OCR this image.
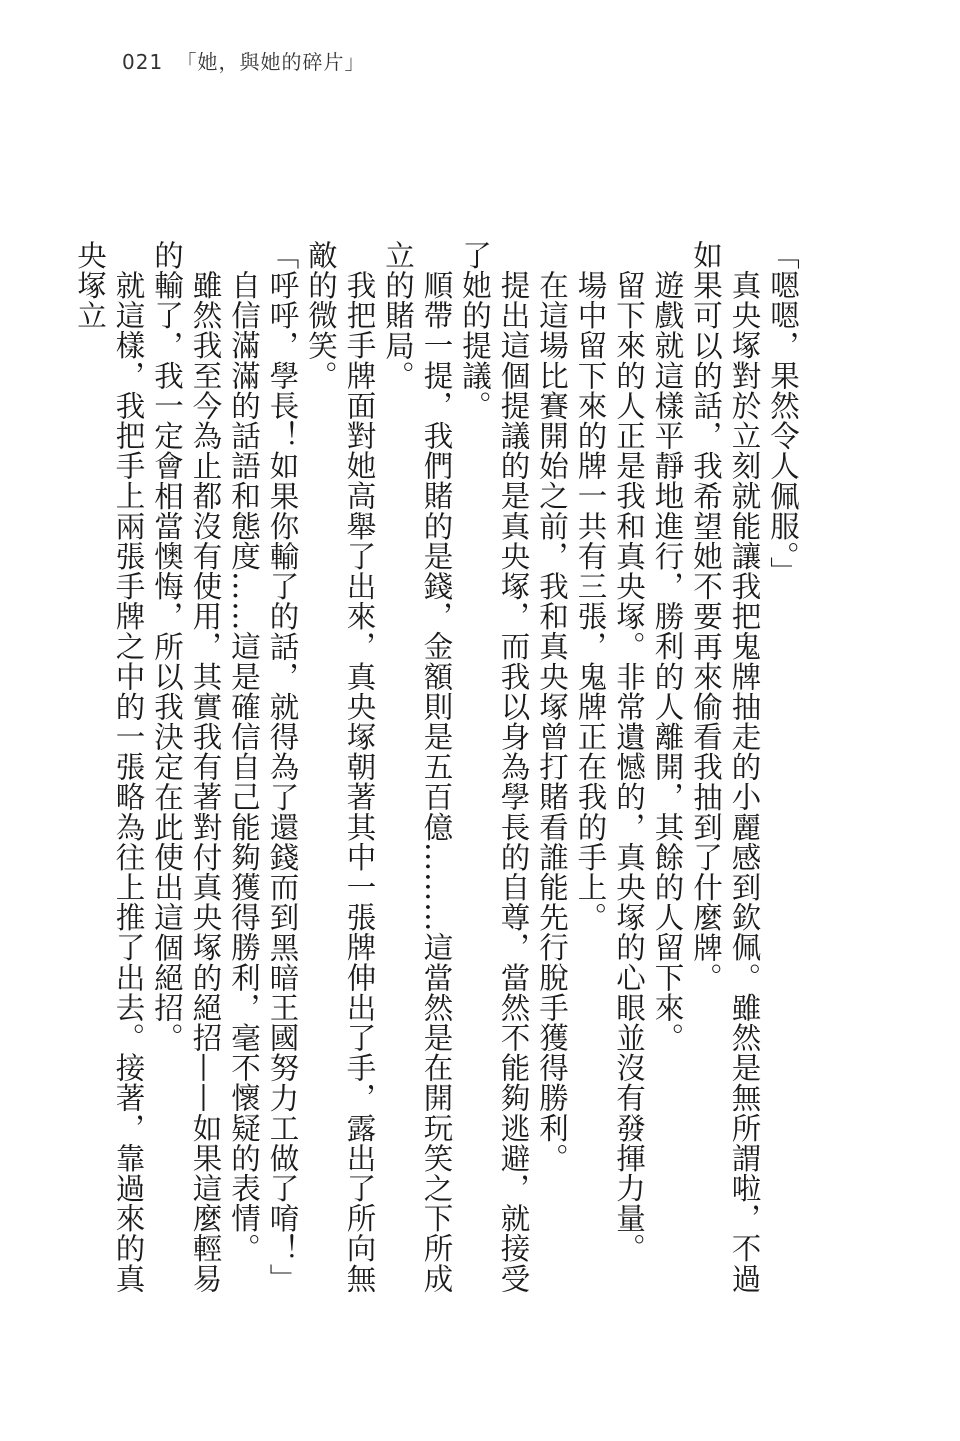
021 「她，與她的碎片」

「嗯嗯，果然令人佩服。」

真央塚對於立刻就能讓我把鬼牌抽走的小麗感到欽佩。雖然是無所謂啦，不過如果可以的話，我希望她不要再來偷看我抽到了什麼牌。

遊戲就這樣平靜地進行，勝利的人離開，其餘的人留下來。

留下來的人正是我和真央塚。非常遺憾的，真央塚的心眼並沒有發揮力量。

場中留下來的牌一共有三張，鬼牌正在我的手上。

在這場比賽開始之前，我和真央塚曾打賭看誰能先行脫手獲得勝利。

提出這個提議的是真央塚，而我以身為學長的自尊，當然不能夠逃避，就接受了她的提議。

順帶一提，我們賭的是錢，金額則是五百億………這當然是在開玩笑之下所成立的賭局。

我把手牌面對她高舉了出來，真央塚朝著其中一張牌伸出了手，露出了所向無敵的微笑。

「呼呼，學長！如果你輸了的話，就得為了還錢而到黑暗王國努力工做了唷！」

自信滿滿的話語和態度……這是確信自己能夠獲得勝利，毫不懷疑的表情。

雖然我至今為止都沒有使用，其實我有著對付真央塚的絕招——如果這麼輕易的輸了，我一定會相當懊悔，所以我決定在此使出這個絕招。

就這樣，我把手上兩張手牌之中的一張略為往上推了出去。接著，靠過來的真央塚立
